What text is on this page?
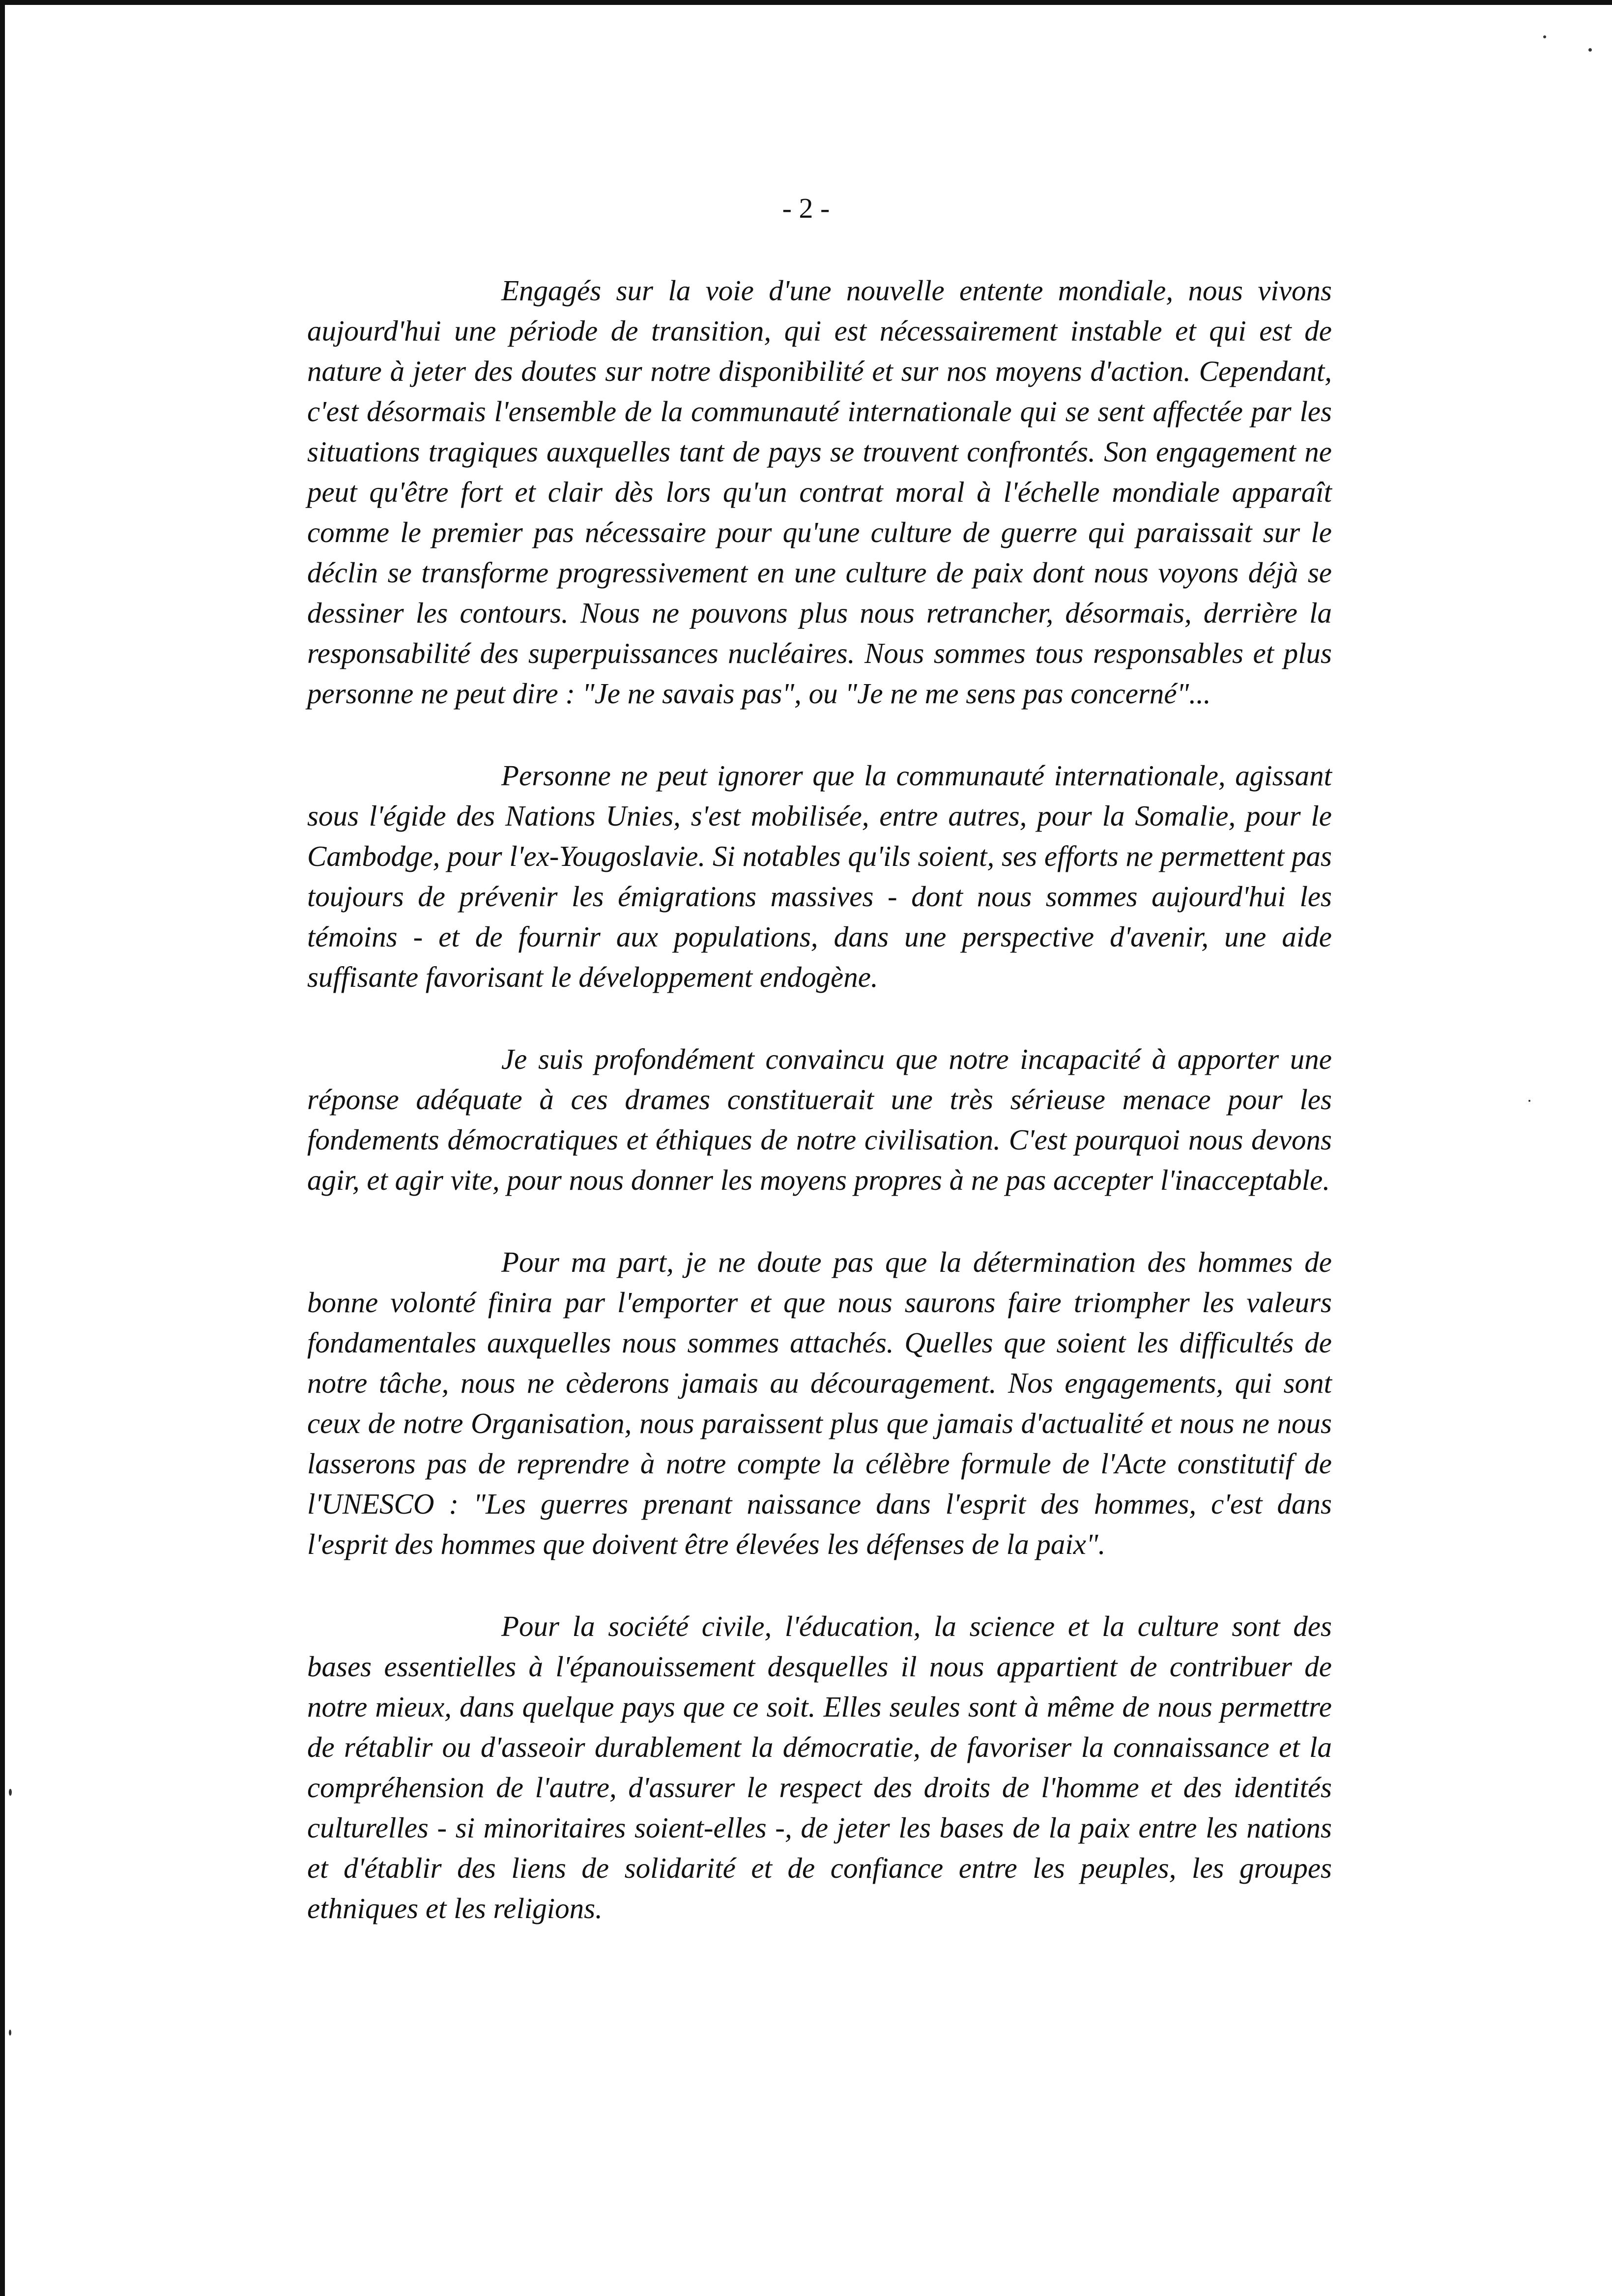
- 2 -

Engagés sur la voie d'une nouvelle entente mondiale, nous vivons aujourd'hui une période de transition, qui est nécessairement instable et qui est de nature à jeter des doutes sur notre disponibilité et sur nos moyens d'action. Cependant, c'est désormais l'ensemble de la communauté internationale qui se sent affectée par les situations tragiques auxquelles tant de pays se trouvent confrontés. Son engagement ne peut qu'être fort et clair dès lors qu'un contrat moral à l'échelle mondiale apparaît comme le premier pas nécessaire pour qu'une culture de guerre qui paraissait sur le déclin se transforme progressivement en une culture de paix dont nous voyons déjà se dessiner les contours. Nous ne pouvons plus nous retrancher, désormais, derrière la responsabilité des superpuissances nucléaires. Nous sommes tous responsables et plus personne ne peut dire : "Je ne savais pas", ou "Je ne me sens pas concerné"...

Personne ne peut ignorer que la communauté internationale, agissant sous l'égide des Nations Unies, s'est mobilisée, entre autres, pour la Somalie, pour le Cambodge, pour l'ex-Yougoslavie. Si notables qu'ils soient, ses efforts ne permettent pas toujours de prévenir les émigrations massives - dont nous sommes aujourd'hui les témoins - et de fournir aux populations, dans une perspective d'avenir, une aide suffisante favorisant le développement endogène.

Je suis profondément convaincu que notre incapacité à apporter une réponse adéquate à ces drames constituerait une très sérieuse menace pour les fondements démocratiques et éthiques de notre civilisation. C'est pourquoi nous devons agir, et agir vite, pour nous donner les moyens propres à ne pas accepter l'inacceptable.

Pour ma part, je ne doute pas que la détermination des hommes de bonne volonté finira par l'emporter et que nous saurons faire triompher les valeurs fondamentales auxquelles nous sommes attachés. Quelles que soient les difficultés de notre tâche, nous ne cèderons jamais au découragement. Nos engagements, qui sont ceux de notre Organisation, nous paraissent plus que jamais d'actualité et nous ne nous lasserons pas de reprendre à notre compte la célèbre formule de l'Acte constitutif de l'UNESCO : "Les guerres prenant naissance dans l'esprit des hommes, c'est dans l'esprit des hommes que doivent être élevées les défenses de la paix".

Pour la société civile, l'éducation, la science et la culture sont des bases essentielles à l'épanouissement desquelles il nous appartient de contribuer de notre mieux, dans quelque pays que ce soit. Elles seules sont à même de nous permettre de rétablir ou d'asseoir durablement la démocratie, de favoriser la connaissance et la compréhension de l'autre, d'assurer le respect des droits de l'homme et des identités culturelles - si minoritaires soient-elles -, de jeter les bases de la paix entre les nations et d'établir des liens de solidarité et de confiance entre les peuples, les groupes ethniques et les religions.
